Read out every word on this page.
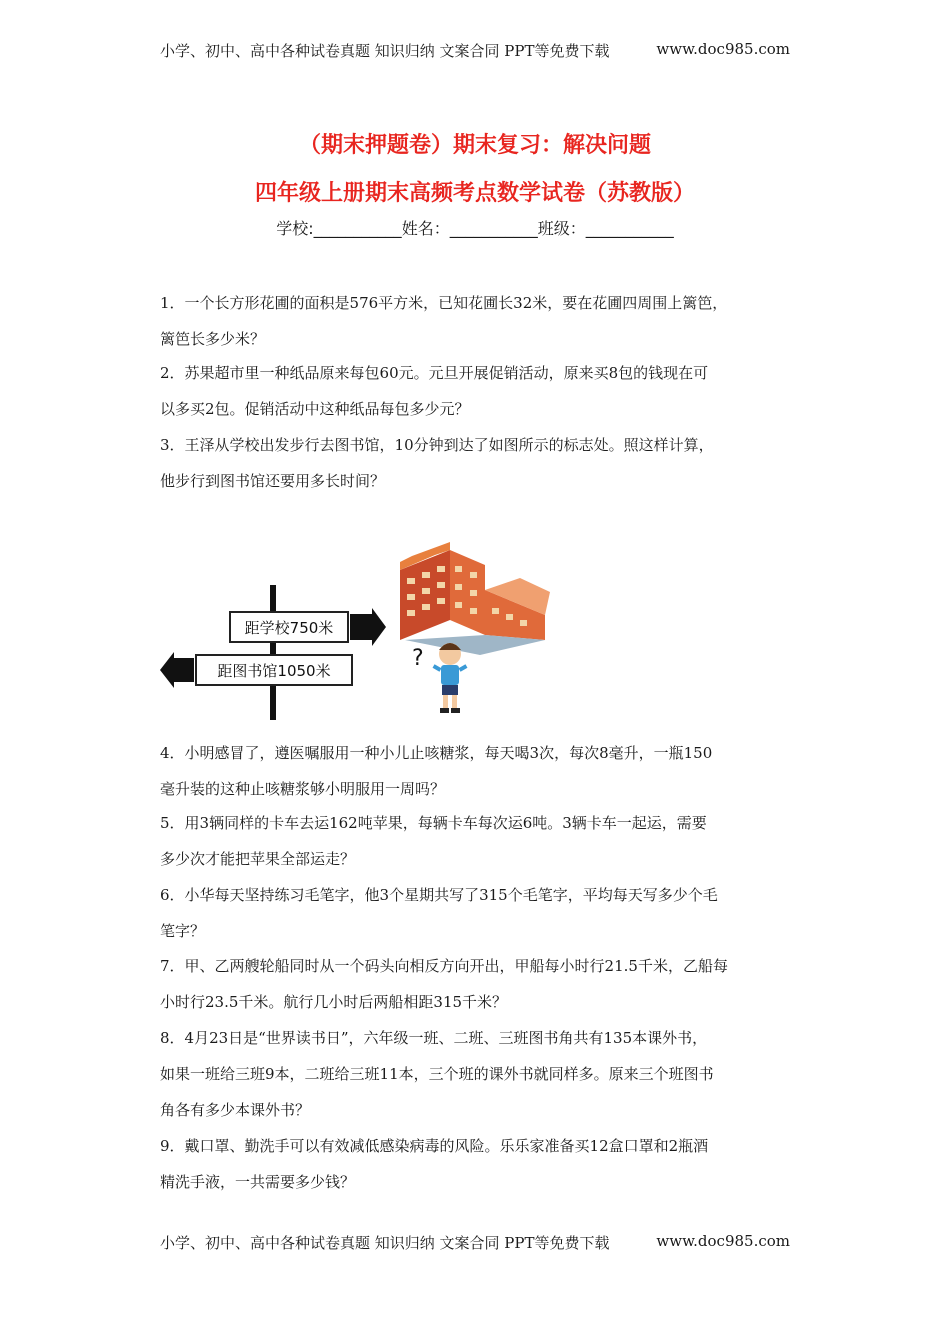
小学、初中、高中各种试卷真题 知识归纳 文案合同 PPT等免费下载	www.doc985.com
（期末押题卷）期末复习：解决问题
四年级上册期末高频考点数学试卷（苏教版）
学校:___________姓名：___________班级：___________

1．一个长方形花圃的面积是576平方米，已知花圃长32米，要在花圃四周围上篱笆，

篱笆长多少米？

2．苏果超市里一种纸品原来每包60元。元旦开展促销活动，原来买8包的钱现在可

以多买2包。促销活动中这种纸品每包多少元？

3．王泽从学校出发步行去图书馆，10分钟到达了如图所示的标志处。照这样计算，

他步行到图书馆还要用多长时间？

距学校750米
距图书馆1050米	?

4．小明感冒了，遵医嘱服用一种小儿止咳糖浆，每天喝3次，每次8毫升，一瓶150

毫升装的这种止咳糖浆够小明服用一周吗？

5．用3辆同样的卡车去运162吨苹果，每辆卡车每次运6吨。3辆卡车一起运，需要

多少次才能把苹果全部运走？

6．小华每天坚持练习毛笔字，他3个星期共写了315个毛笔字，平均每天写多少个毛

笔字？

7．甲、乙两艘轮船同时从一个码头向相反方向开出，甲船每小时行21.5千米，乙船每

小时行23.5千米。航行几小时后两船相距315千米？

8．4月23日是“世界读书日”，六年级一班、二班、三班图书角共有135本课外书，

如果一班给三班9本，二班给三班11本，三个班的课外书就同样多。原来三个班图书

角各有多少本课外书？

9．戴口罩、勤洗手可以有效减低感染病毒的风险。乐乐家准备买12盒口罩和2瓶酒

精洗手液，一共需要多少钱？

小学、初中、高中各种试卷真题 知识归纳 文案合同 PPT等免费下载	www.doc985.com
